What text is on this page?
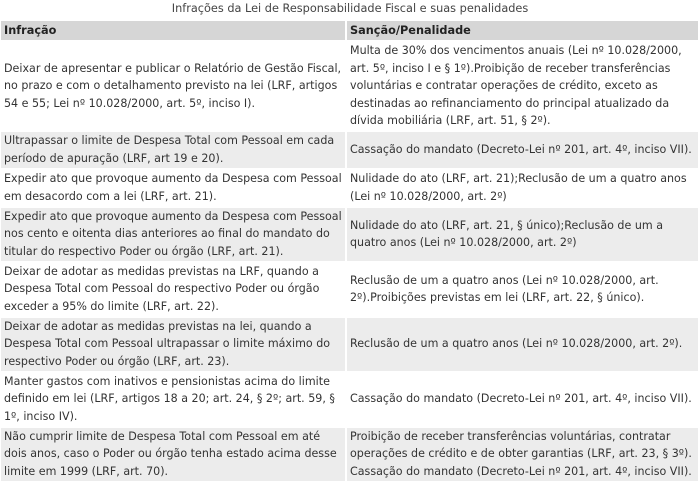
Infrações da Lei de Responsabilidade Fiscal e suas penalidades
Infração	Sanção/Penalidade
Deixar de apresentar e publicar o Relatório de Gestão Fiscal, no prazo e com o detalhamento previsto na lei (LRF, artigos 54 e 55; Lei nº 10.028/2000, art. 5º, inciso I).	Multa de 30% dos vencimentos anuais (Lei nº 10.028/2000, art. 5º, inciso I e § 1º).Proibição de receber transferências voluntárias e contratar operações de crédito, exceto as destinadas ao refinanciamento do principal atualizado da dívida mobiliária (LRF, art. 51, § 2º).
Ultrapassar o limite de Despesa Total com Pessoal em cada período de apuração (LRF, art 19 e 20).	Cassação do mandato (Decreto-Lei nº 201, art. 4º, inciso VII).
Expedir ato que provoque aumento da Despesa com Pessoal em desacordo com a lei (LRF, art. 21).	Nulidade do ato (LRF, art. 21);Reclusão de um a quatro anos (Lei nº 10.028/2000, art. 2º)
Expedir ato que provoque aumento da Despesa com Pessoal nos cento e oitenta dias anteriores ao final do mandato do titular do respectivo Poder ou órgão (LRF, art. 21).	Nulidade do ato (LRF, art. 21, § único);Reclusão de um a quatro anos (Lei nº 10.028/2000, art. 2º)
Deixar de adotar as medidas previstas na LRF, quando a Despesa Total com Pessoal do respectivo Poder ou órgão exceder a 95% do limite (LRF, art. 22).	Reclusão de um a quatro anos (Lei nº 10.028/2000, art. 2º).Proibições previstas em lei (LRF, art. 22, § único).
Deixar de adotar as medidas previstas na lei, quando a Despesa Total com Pessoal ultrapassar o limite máximo do respectivo Poder ou órgão (LRF, art. 23).	Reclusão de um a quatro anos (Lei nº 10.028/2000, art. 2º).
Manter gastos com inativos e pensionistas acima do limite definido em lei (LRF, artigos 18 a 20; art. 24, § 2º; art. 59, § 1º, inciso IV).	Cassação do mandato (Decreto-Lei nº 201, art. 4º, inciso VII).
Não cumprir limite de Despesa Total com Pessoal em até dois anos, caso o Poder ou órgão tenha estado acima desse limite em 1999 (LRF, art. 70).	Proibição de receber transferências voluntárias, contratar operações de crédito e de obter garantias (LRF, art. 23, § 3º). Cassação do mandato (Decreto-Lei nº 201, art. 4º, inciso VII).
